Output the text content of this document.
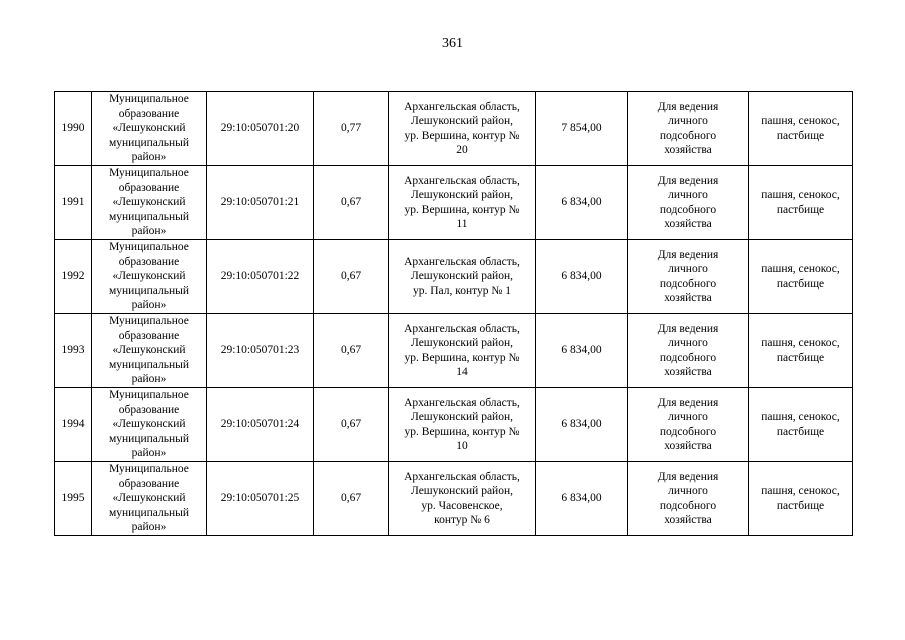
361
1990	Муниципальное
образование
«Лешуконский
муниципальный
район»	29:10:050701:20	0,77	Архангельская область,
Лешуконский район,
ур. Вершина, контур №
20	7 854,00	Для ведения
личного
подсобного
хозяйства	пашня, сенокос,
пастбище

1991	Муниципальное
образование
«Лешуконский
муниципальный
район»	29:10:050701:21	0,67	Архангельская область,
Лешуконский район,
ур. Вершина, контур №
11	6 834,00	Для ведения
личного
подсобного
хозяйства	пашня, сенокос,
пастбище

1992	Муниципальное
образование
«Лешуконский
муниципальный
район»	29:10:050701:22	0,67	Архангельская область,
Лешуконский район,
ур. Пал, контур № 1	6 834,00	Для ведения
личного
подсобного
хозяйства	пашня, сенокос,
пастбище

1993	Муниципальное
образование
«Лешуконский
муниципальный
район»	29:10:050701:23	0,67	Архангельская область,
Лешуконский район,
ур. Вершина, контур №
14	6 834,00	Для ведения
личного
подсобного
хозяйства	пашня, сенокос,
пастбище

1994	Муниципальное
образование
«Лешуконский
муниципальный
район»	29:10:050701:24	0,67	Архангельская область,
Лешуконский район,
ур. Вершина, контур №
10	6 834,00	Для ведения
личного
подсобного
хозяйства	пашня, сенокос,
пастбище

1995	Муниципальное
образование
«Лешуконский
муниципальный
район»	29:10:050701:25	0,67	Архангельская область,
Лешуконский район,
ур. Часовенское,
контур № 6	6 834,00	Для ведения
личного
подсобного
хозяйства	пашня, сенокос,
пастбище
